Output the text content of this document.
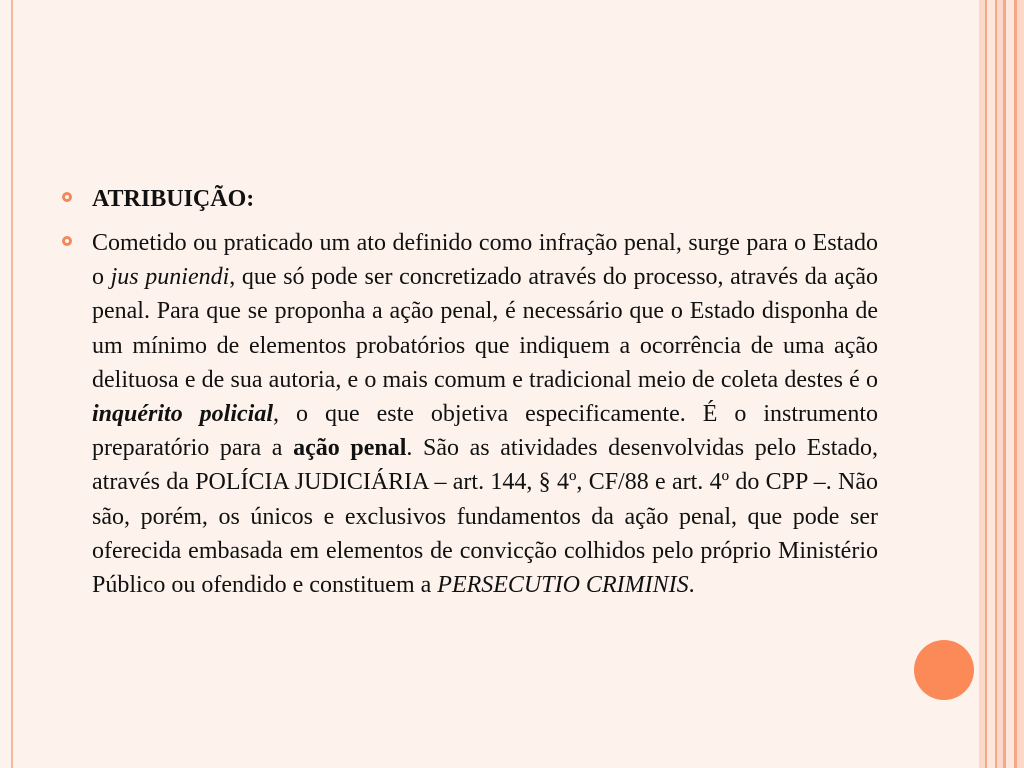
ATRIBUIÇÃO:
Cometido ou praticado um ato definido como infração penal, surge para o Estado o jus puniendi, que só pode ser concretizado através do processo, através da ação penal. Para que se proponha a ação penal, é necessário que o Estado disponha de um mínimo de elementos probatórios que indiquem a ocorrência de uma ação delituosa e de sua autoria, e o mais comum e tradicional meio de coleta destes é o inquérito policial, o que este objetiva especificamente. É o instrumento preparatório para a ação penal. São as atividades desenvolvidas pelo Estado, através da POLÍCIA JUDICIÁRIA – art. 144, § 4º, CF/88 e art. 4º do CPP –. Não são, porém, os únicos e exclusivos fundamentos da ação penal, que pode ser oferecida embasada em elementos de convicção colhidos pelo próprio Ministério Público ou ofendido e constituem a PERSECUTIO CRIMINIS.
